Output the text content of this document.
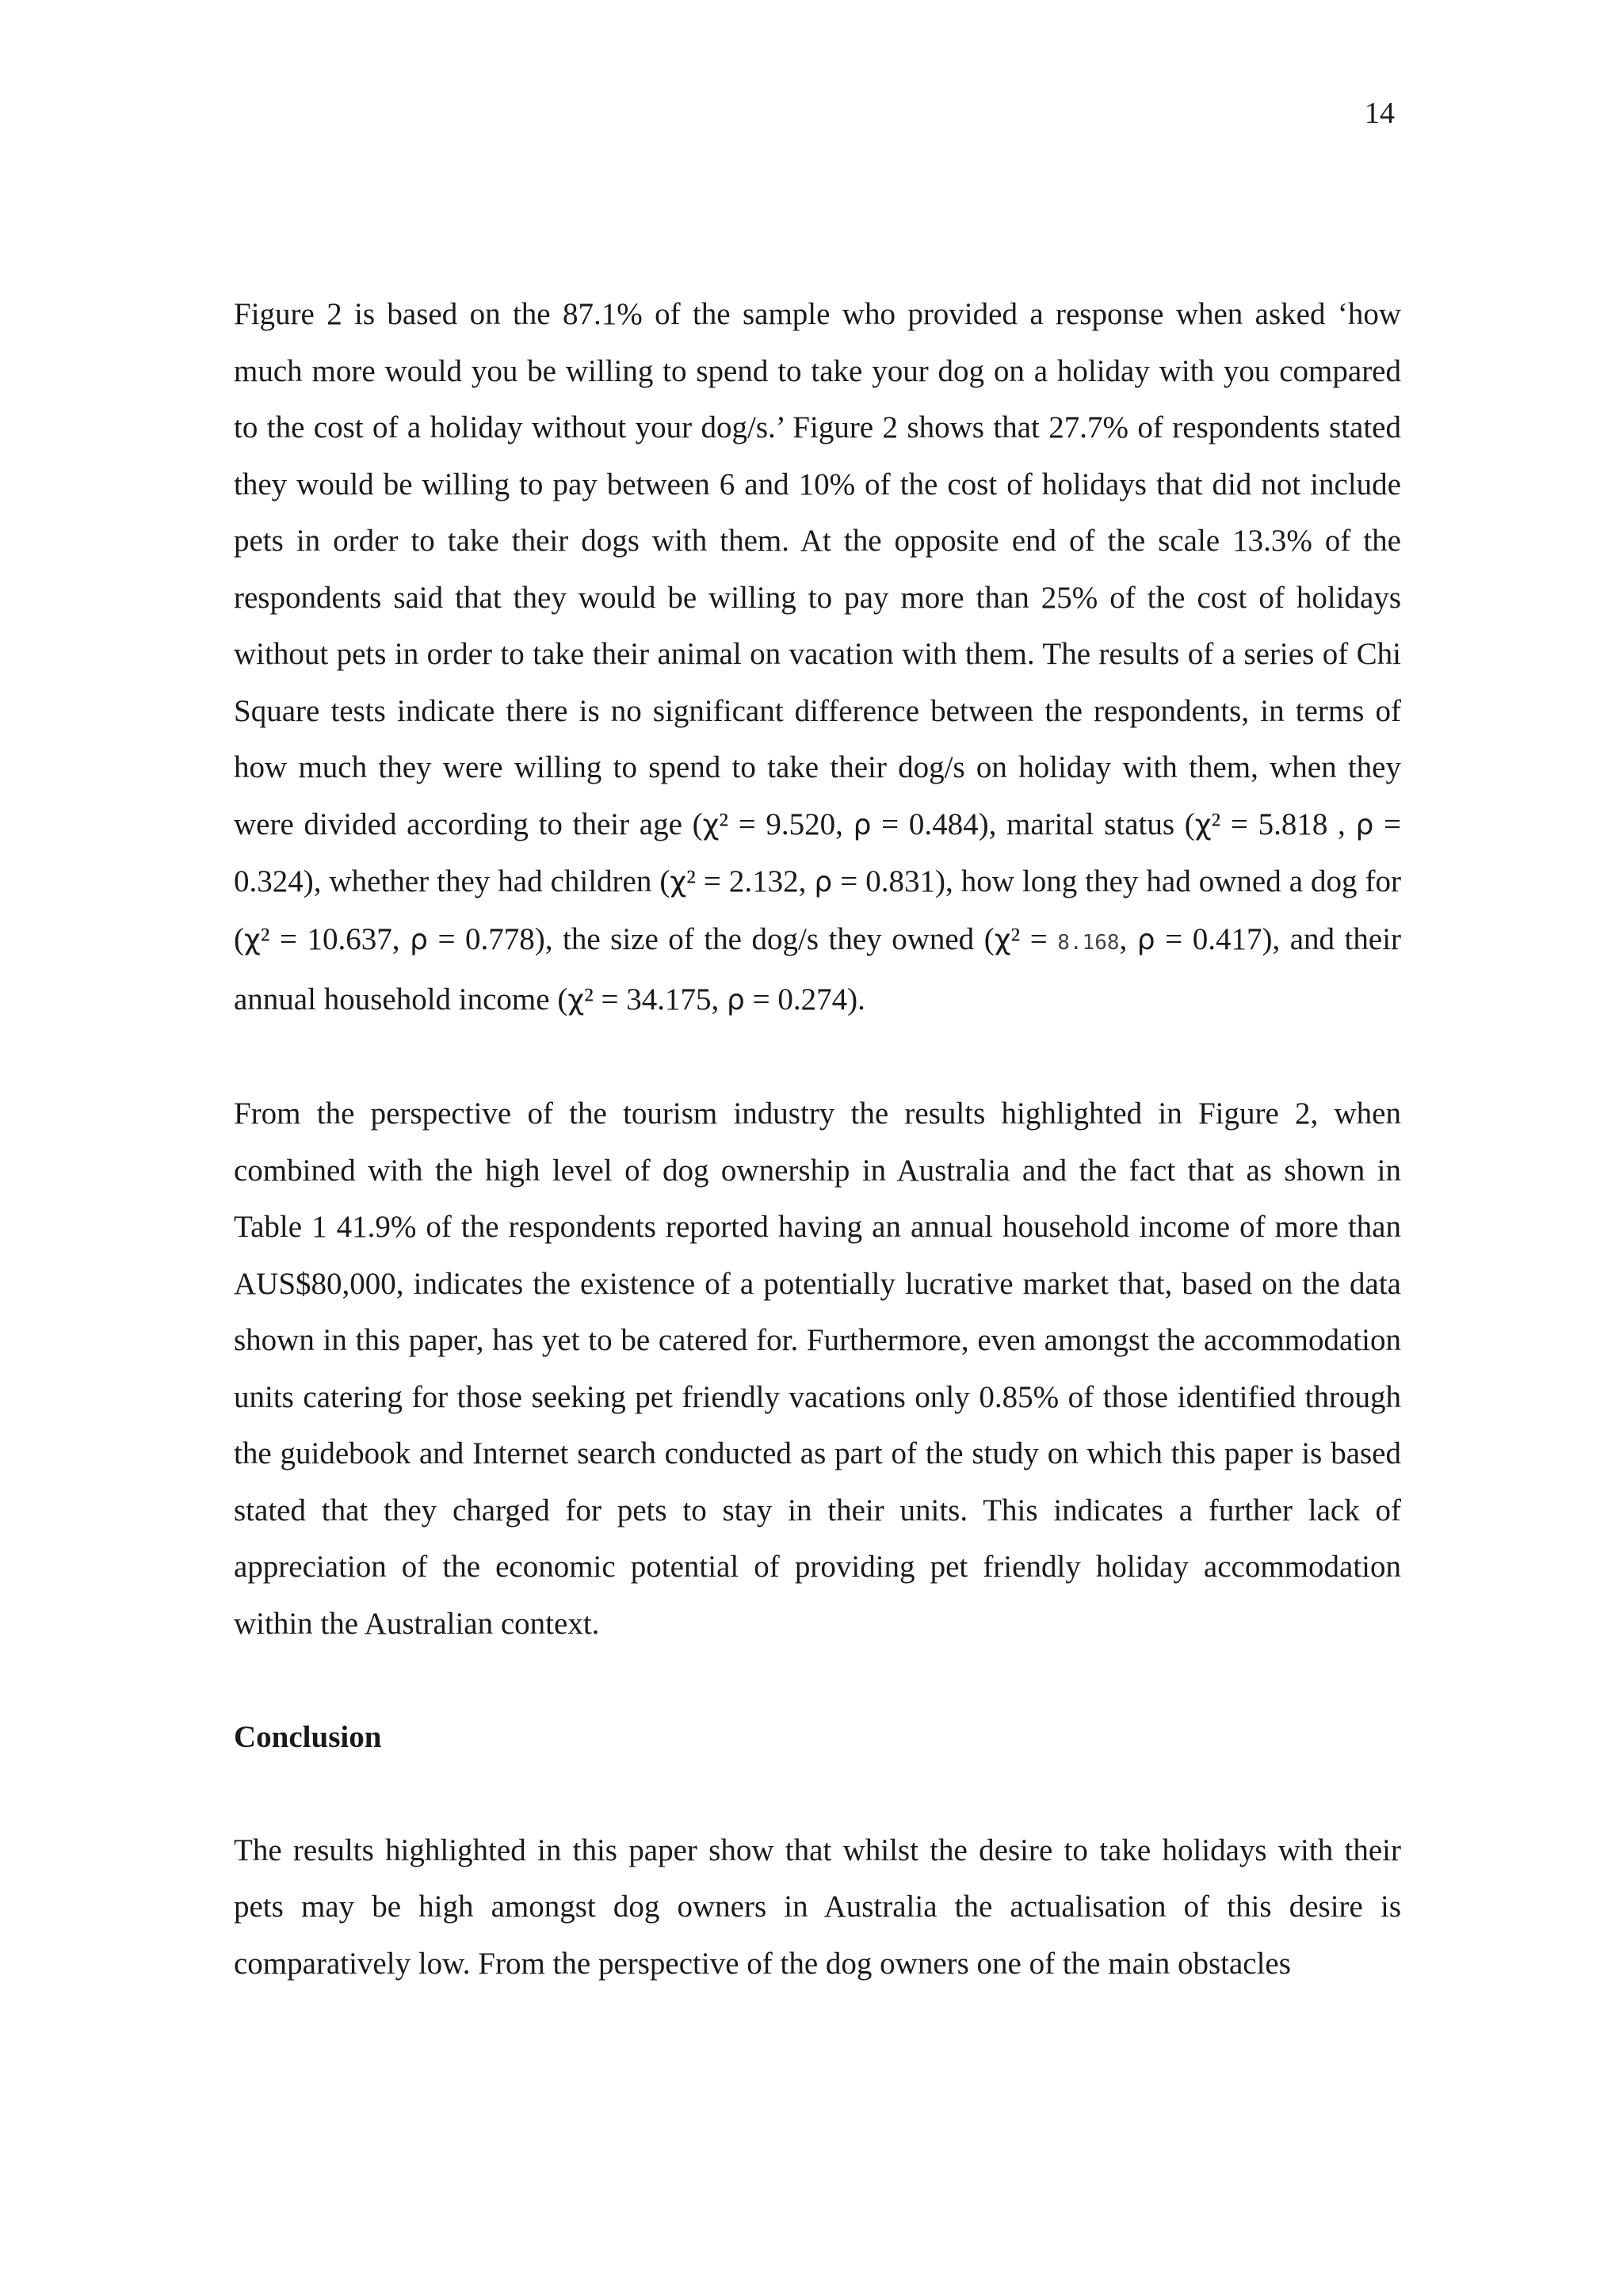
14

Figure 2 is based on the 87.1% of the sample who provided a response when asked ‘how much more would you be willing to spend to take your dog on a holiday with you compared to the cost of a holiday without your dog/s.’ Figure 2 shows that 27.7% of respondents stated they would be willing to pay between 6 and 10% of the cost of holidays that did not include pets in order to take their dogs with them. At the opposite end of the scale 13.3% of the respondents said that they would be willing to pay more than 25% of the cost of holidays without pets in order to take their animal on vacation with them. The results of a series of Chi Square tests indicate there is no significant difference between the respondents, in terms of how much they were willing to spend to take their dog/s on holiday with them, when they were divided according to their age (χ² = 9.520, ρ = 0.484), marital status (χ² = 5.818 , ρ = 0.324), whether they had children (χ² = 2.132, ρ = 0.831), how long they had owned a dog for (χ² = 10.637, ρ = 0.778), the size of the dog/s they owned (χ² = 8.168, ρ = 0.417), and their annual household income (χ² = 34.175, ρ = 0.274).

From the perspective of the tourism industry the results highlighted in Figure 2, when combined with the high level of dog ownership in Australia and the fact that as shown in Table 1 41.9% of the respondents reported having an annual household income of more than AUS$80,000, indicates the existence of a potentially lucrative market that, based on the data shown in this paper, has yet to be catered for. Furthermore, even amongst the accommodation units catering for those seeking pet friendly vacations only 0.85% of those identified through the guidebook and Internet search conducted as part of the study on which this paper is based stated that they charged for pets to stay in their units. This indicates a further lack of appreciation of the economic potential of providing pet friendly holiday accommodation within the Australian context.

Conclusion

The results highlighted in this paper show that whilst the desire to take holidays with their pets may be high amongst dog owners in Australia the actualisation of this desire is comparatively low. From the perspective of the dog owners one of the main obstacles
